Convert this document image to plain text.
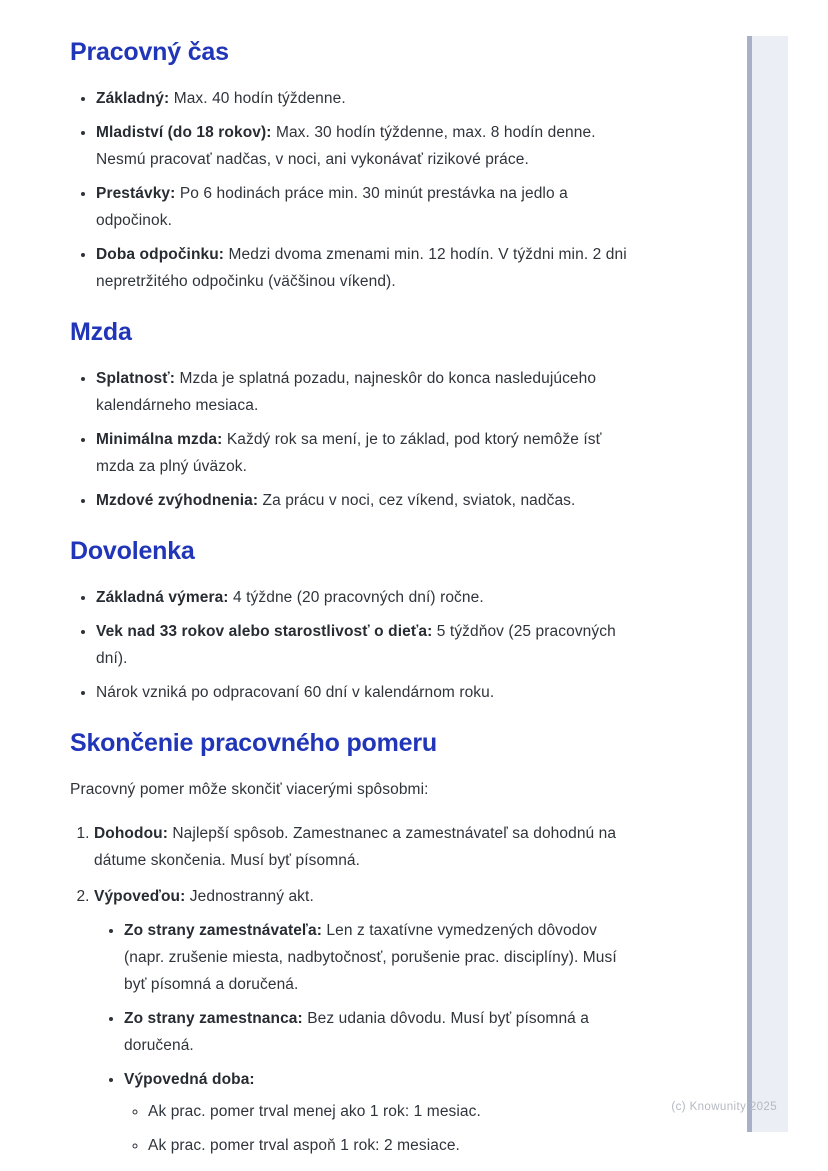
Pracovný čas
• Základný: Max. 40 hodín týždenne.
• Mladiství (do 18 rokov): Max. 30 hodín týždenne, max. 8 hodín denne. Nesmú pracovať nadčas, v noci, ani vykonávať rizikové práce.
• Prestávky: Po 6 hodinách práce min. 30 minút prestávka na jedlo a odpočinok.
• Doba odpočinku: Medzi dvoma zmenami min. 12 hodín. V týždni min. 2 dni nepretržitého odpočinku (väčšinou víkend).
Mzda
• Splatnosť: Mzda je splatná pozadu, najneskôr do konca nasledujúceho kalendárneho mesiaca.
• Minimálna mzda: Každý rok sa mení, je to základ, pod ktorý nemôže ísť mzda za plný úväzok.
• Mzdové zvýhodnenia: Za prácu v noci, cez víkend, sviatok, nadčas.
Dovolenka
• Základná výmera: 4 týždne (20 pracovných dní) ročne.
• Vek nad 33 rokov alebo starostlivosť o dieťa: 5 týždňov (25 pracovných dní).
• Nárok vzniká po odpracovaní 60 dní v kalendárnom roku.
Skončenie pracovného pomeru

Pracovný pomer môže skončiť viacerými spôsobmi:

1. Dohodou: Najlepší spôsob. Zamestnanec a zamestnávateľ sa dohodnú na dátume skončenia. Musí byť písomná.
2. Výpoveďou: Jednostranný akt.
• Zo strany zamestnávateľa: Len z taxatívne vymedzených dôvodov (napr. zrušenie miesta, nadbytočnosť, porušenie prac. disciplíny). Musí byť písomná a doručená.
• Zo strany zamestnanca: Bez udania dôvodu. Musí byť písomná a doručená.
• Výpovedná doba:
◦ Ak prac. pomer trval menej ako 1 rok: 1 mesiac.
◦ Ak prac. pomer trval aspoň 1 rok: 2 mesiace.
(c) Knowunity 2025
